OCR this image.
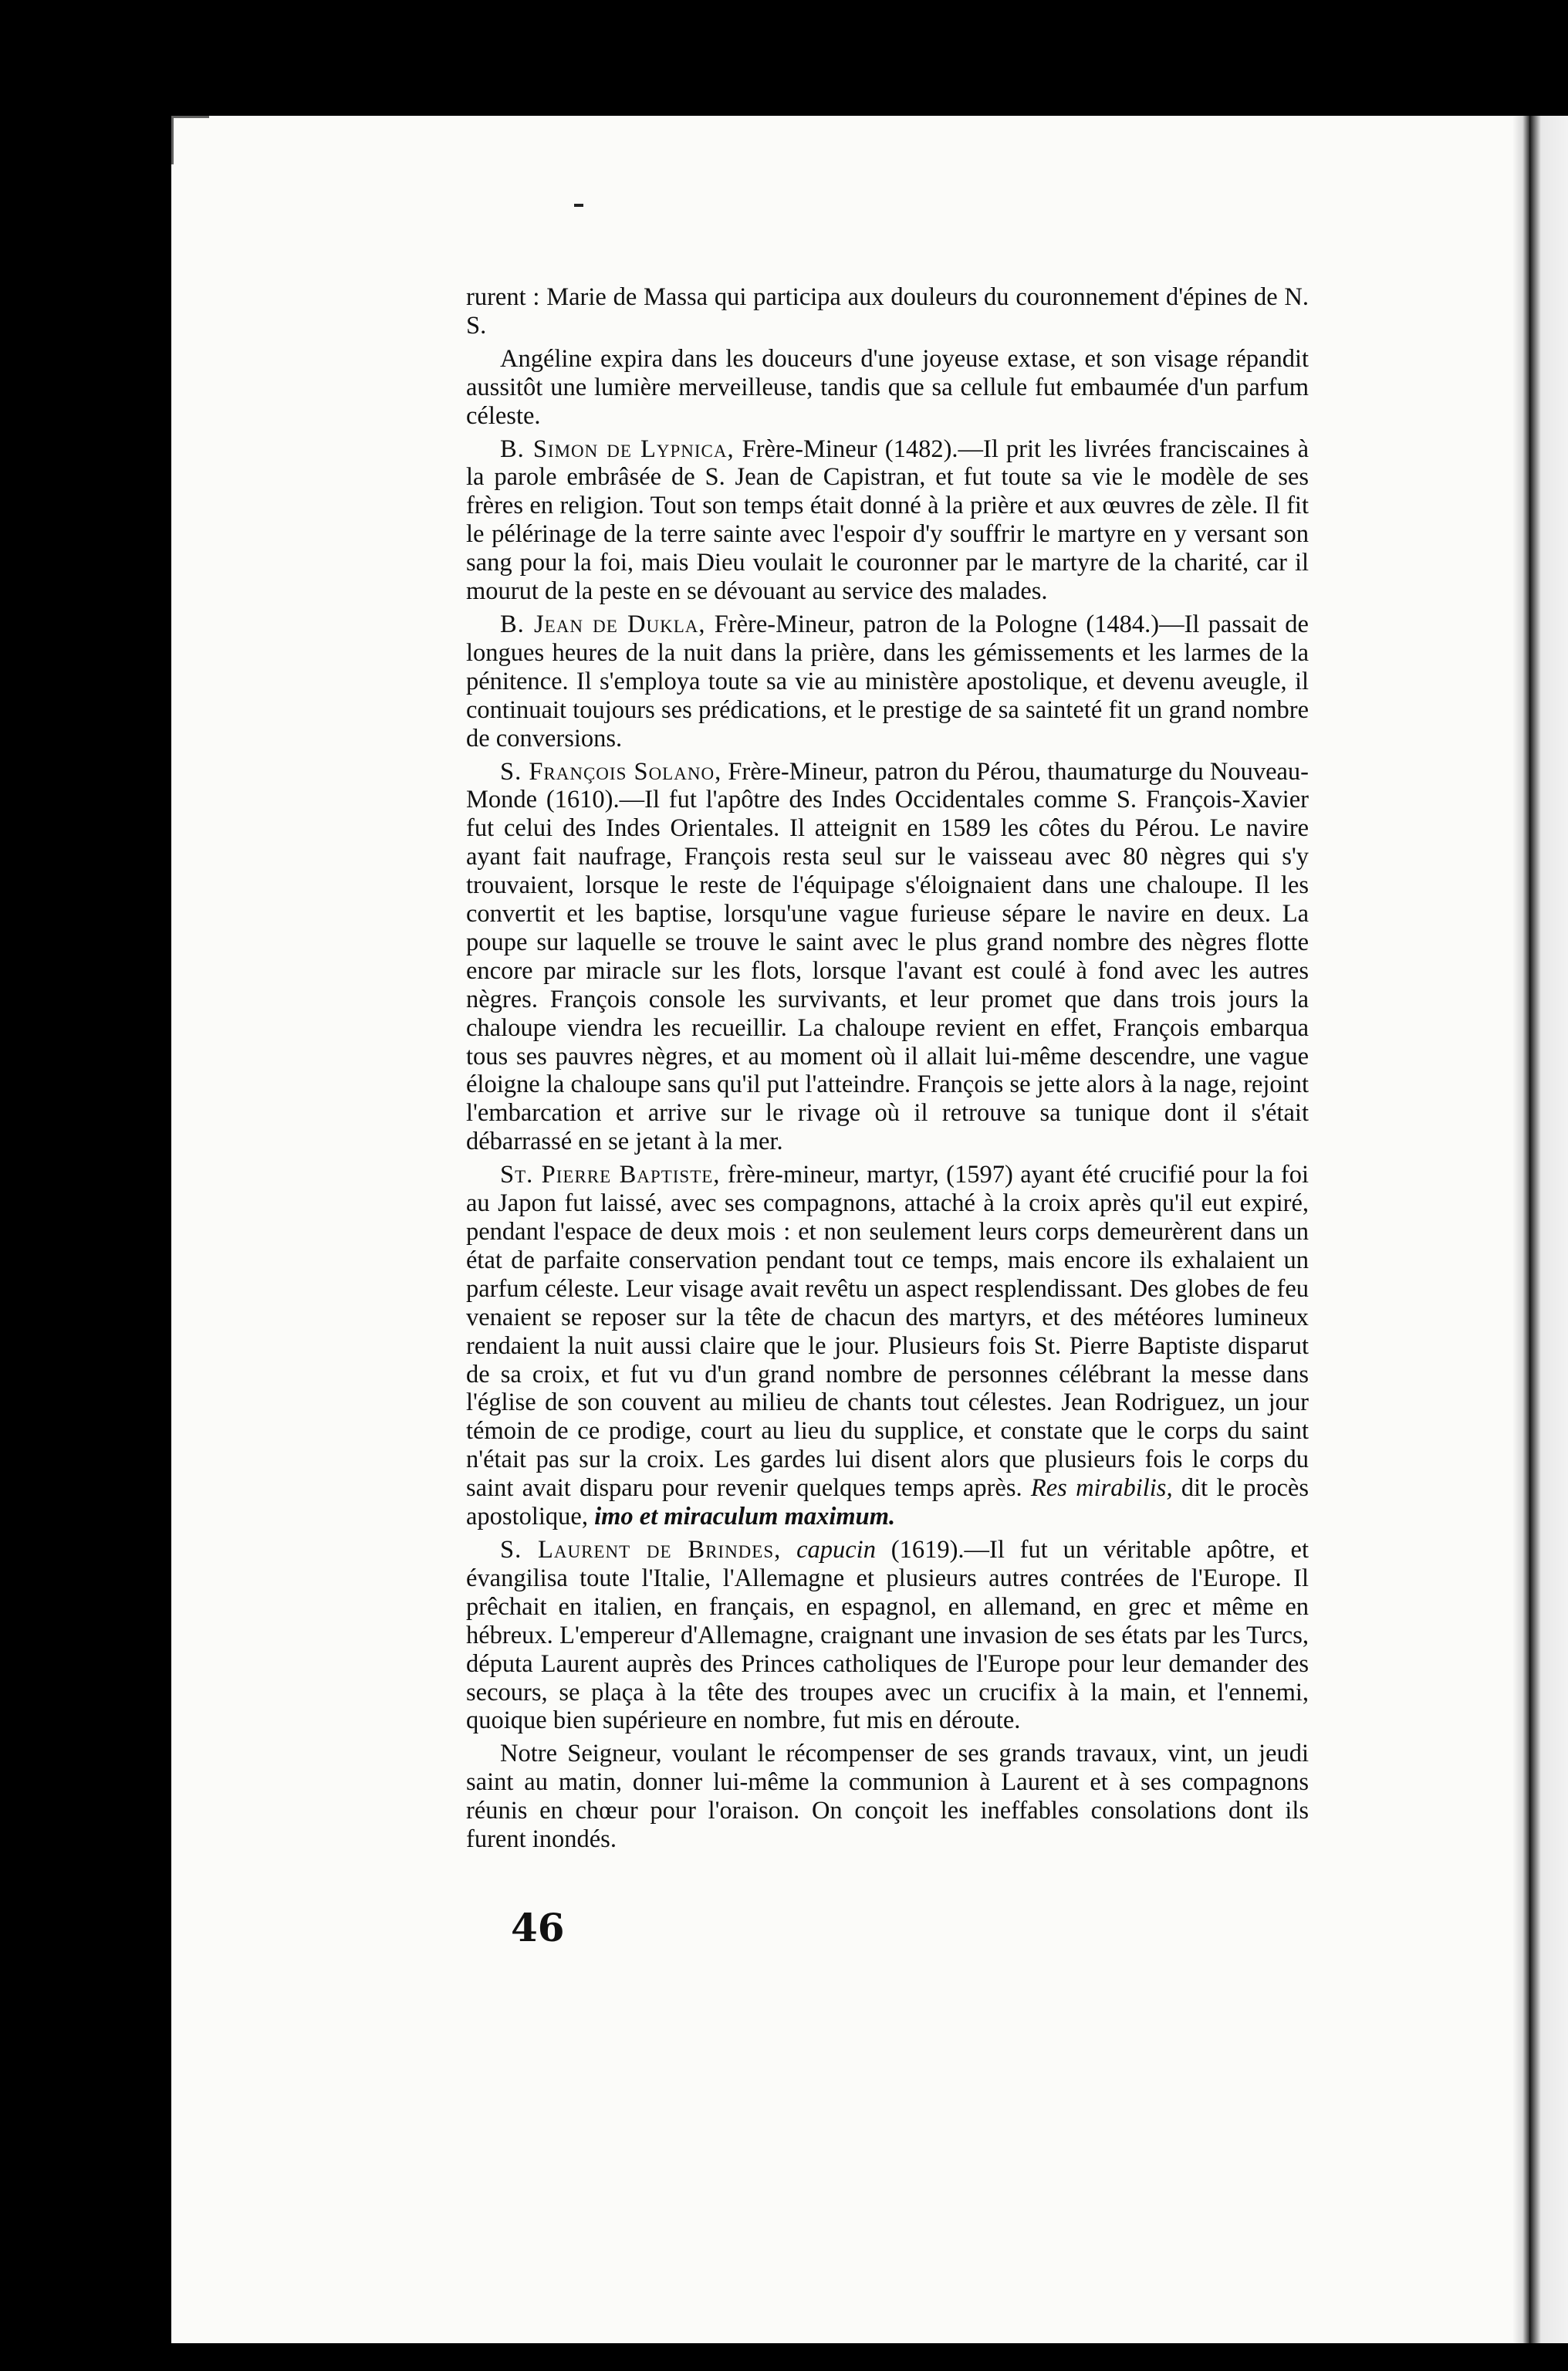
rurent : Marie de Massa qui participa aux douleurs du couronnement d'épines de N. S.

Angéline expira dans les douceurs d'une joyeuse extase, et son visage répandit aussitôt une lumière merveilleuse, tandis que sa cellule fut embaumée d'un parfum céleste.

B. Simon de Lypnica, Frère-Mineur (1482).—Il prit les livrées franciscaines à la parole embrâsée de S. Jean de Capistran, et fut toute sa vie le modèle de ses frères en religion. Tout son temps était donné à la prière et aux œuvres de zèle. Il fit le pélérinage de la terre sainte avec l'espoir d'y souffrir le martyre en y versant son sang pour la foi, mais Dieu voulait le couronner par le martyre de la charité, car il mourut de la peste en se dévouant au service des malades.

B. Jean de Dukla, Frère-Mineur, patron de la Pologne (1484.)—Il passait de longues heures de la nuit dans la prière, dans les gémissements et les larmes de la pénitence. Il s'employa toute sa vie au ministère apostolique, et devenu aveugle, il continuait toujours ses prédications, et le prestige de sa sainteté fit un grand nombre de conversions.

S. François Solano, Frère-Mineur, patron du Pérou, thaumaturge du Nouveau-Monde (1610).—Il fut l'apôtre des Indes Occidentales comme S. François-Xavier fut celui des Indes Orientales. Il atteignit en 1589 les côtes du Pérou. Le navire ayant fait naufrage, François resta seul sur le vaisseau avec 80 nègres qui s'y trouvaient, lorsque le reste de l'équipage s'éloignaient dans une chaloupe. Il les convertit et les baptise, lorsqu'une vague furieuse sépare le navire en deux. La poupe sur laquelle se trouve le saint avec le plus grand nombre des nègres flotte encore par miracle sur les flots, lorsque l'avant est coulé à fond avec les autres nègres. François console les survivants, et leur promet que dans trois jours la chaloupe viendra les recueillir. La chaloupe revient en effet, François embarqua tous ses pauvres nègres, et au moment où il allait lui-même descendre, une vague éloigne la chaloupe sans qu'il put l'atteindre. François se jette alors à la nage, rejoint l'embarcation et arrive sur le rivage où il retrouve sa tunique dont il s'était débarrassé en se jetant à la mer.

St. Pierre Baptiste, frère-mineur, martyr, (1597) ayant été crucifié pour la foi au Japon fut laissé, avec ses compagnons, attaché à la croix après qu'il eut expiré, pendant l'espace de deux mois : et non seulement leurs corps demeurèrent dans un état de parfaite conservation pendant tout ce temps, mais encore ils exhalaient un parfum céleste. Leur visage avait revêtu un aspect resplendissant. Des globes de feu venaient se reposer sur la tête de chacun des martyrs, et des météores lumineux rendaient la nuit aussi claire que le jour. Plusieurs fois St. Pierre Baptiste disparut de sa croix, et fut vu d'un grand nombre de personnes célébrant la messe dans l'église de son couvent au milieu de chants tout célestes. Jean Rodriguez, un jour témoin de ce prodige, court au lieu du supplice, et constate que le corps du saint n'était pas sur la croix. Les gardes lui disent alors que plusieurs fois le corps du saint avait disparu pour revenir quelques temps après. Res mirabilis, dit le procès apostolique, imo et miraculum maximum.

S. Laurent de Brindes, capucin (1619).—Il fut un véritable apôtre, et évangilisa toute l'Italie, l'Allemagne et plusieurs autres contrées de l'Europe. Il prêchait en italien, en français, en espagnol, en allemand, en grec et même en hébreux. L'empereur d'Allemagne, craignant une invasion de ses états par les Turcs, députa Laurent auprès des Princes catholiques de l'Europe pour leur demander des secours, se plaça à la tête des troupes avec un crucifix à la main, et l'ennemi, quoique bien supérieure en nombre, fut mis en déroute.

Notre Seigneur, voulant le récompenser de ses grands travaux, vint, un jeudi saint au matin, donner lui-même la communion à Laurent et à ses compagnons réunis en chœur pour l'oraison. On conçoit les ineffables consolations dont ils furent inondés.

46
